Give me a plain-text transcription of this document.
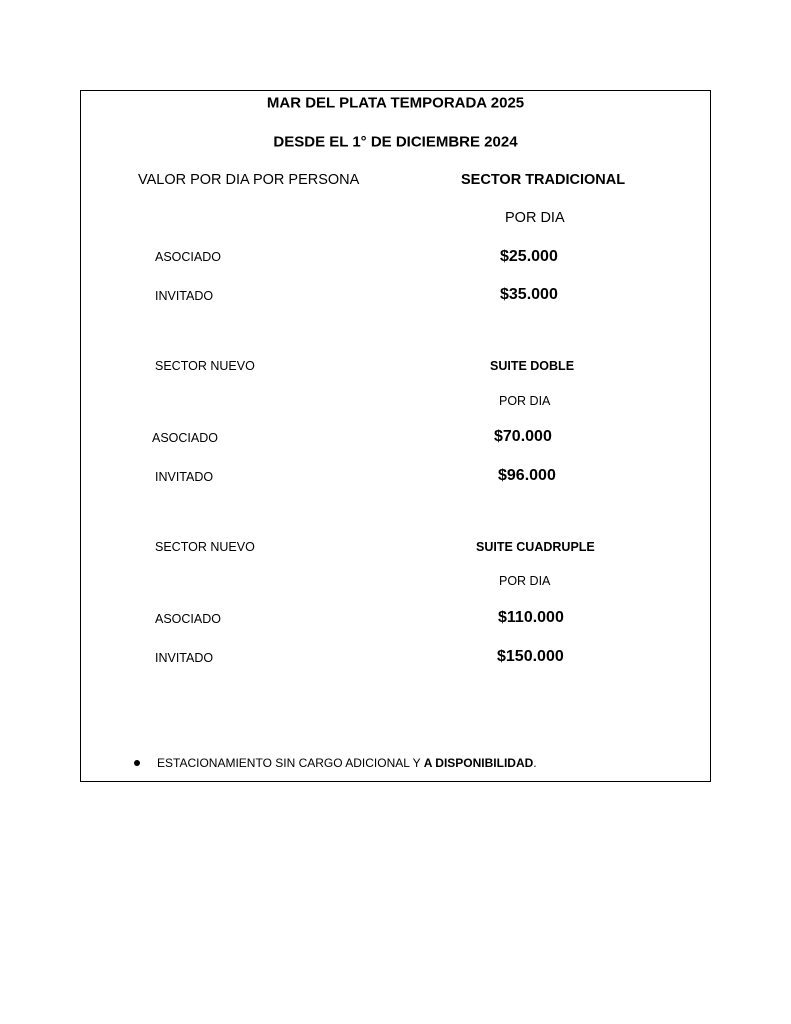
MAR DEL PLATA TEMPORADA 2025
DESDE EL 1° DE DICIEMBRE 2024
VALOR POR DIA POR PERSONA	SECTOR TRADICIONAL
POR DIA
ASOCIADO	$25.000
INVITADO	$35.000
SECTOR NUEVO	SUITE DOBLE
POR DIA
ASOCIADO	$70.000
INVITADO	$96.000
SECTOR NUEVO	SUITE CUADRUPLE
POR DIA
ASOCIADO	$110.000
INVITADO	$150.000
ESTACIONAMIENTO SIN CARGO ADICIONAL Y A DISPONIBILIDAD.
